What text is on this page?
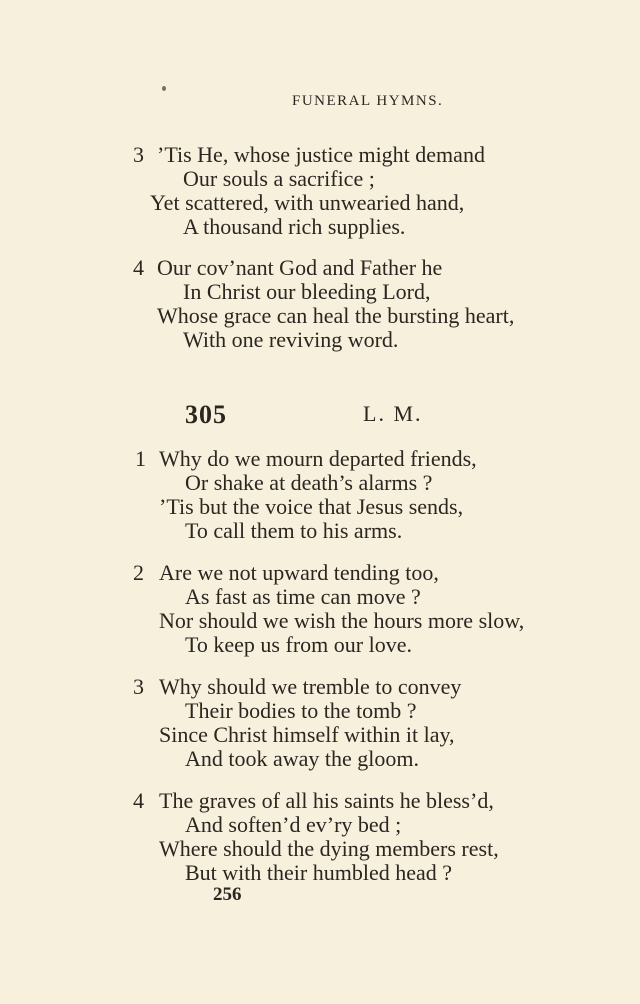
FUNERAL HYMNS.
3 ’Tis He, whose justice might demand
Our souls a sacrifice ;
Yet scattered, with unwearied hand,
A thousand rich supplies.
4 Our cov’nant God and Father he
In Christ our bleeding Lord,
Whose grace can heal the bursting heart,
With one reviving word.
305	L. M.
1 Why do we mourn departed friends,
Or shake at death’s alarms ?
’Tis but the voice that Jesus sends,
To call them to his arms.
2 Are we not upward tending too,
As fast as time can move ?
Nor should we wish the hours more slow,
To keep us from our love.
3 Why should we tremble to convey
Their bodies to the tomb ?
Since Christ himself within it lay,
And took away the gloom.
4 The graves of all his saints he bless’d,
And soften’d ev’ry bed ;
Where should the dying members rest,
But with their humbled head ?
256
